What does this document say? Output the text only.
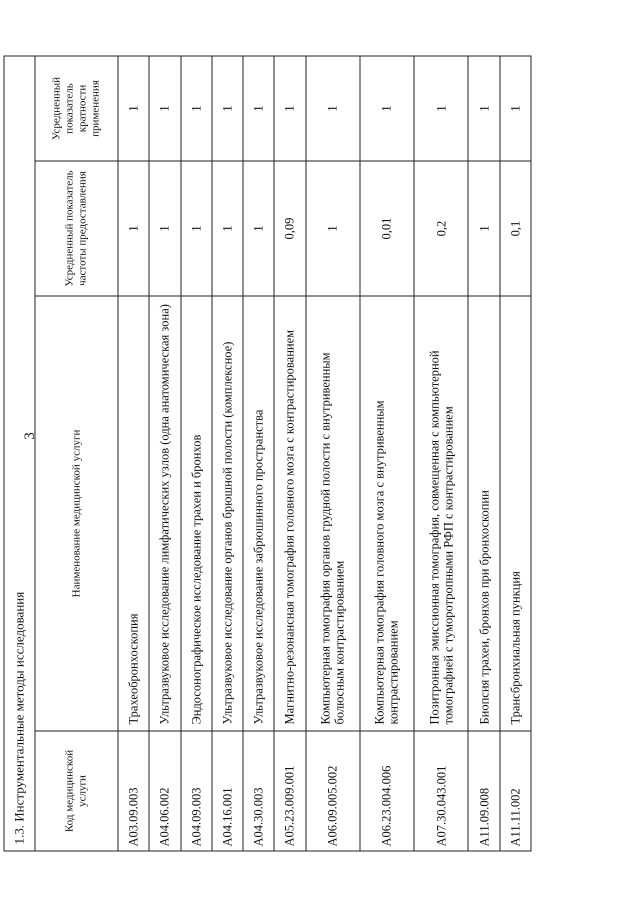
3
1.3. Инструментальные методы исследования			
Код медицинской услуги	Наименование медицинской услуги	Усредненный показатель частоты предоставления	Усредненный показатель кратности применения
A03.09.003	Трахеобронхоскопия	1	1
A04.06.002	Ультразвуковое исследование лимфатических узлов (одна анатомическая зона)	1	1
A04.09.003	Эндосонографическое исследование трахеи и бронхов	1	1
A04.16.001	Ультразвуковое исследование органов брюшной полости (комплексное)	1	1
A04.30.003	Ультразвуковое исследование забрюшинного пространства	1	1
A05.23.009.001	Магнитно-резонансная томография головного мозга с контрастированием	0,09	1
A06.09.005.002	Компьютерная томография органов грудной полости с внутривенным болюсным контрастированием	1	1
A06.23.004.006	Компьютерная томография головного мозга с внутривенным контрастированием	0,01	1
A07.30.043.001	Позитронная эмиссионная томография, совмещенная с компьютерной томографией с туморотропными РФП с контрастированием	0,2	1
A11.09.008	Биопсия трахеи, бронхов при бронхоскопии	1	1
A11.11.002	Трансбронхиальная пункция	0,1	1
